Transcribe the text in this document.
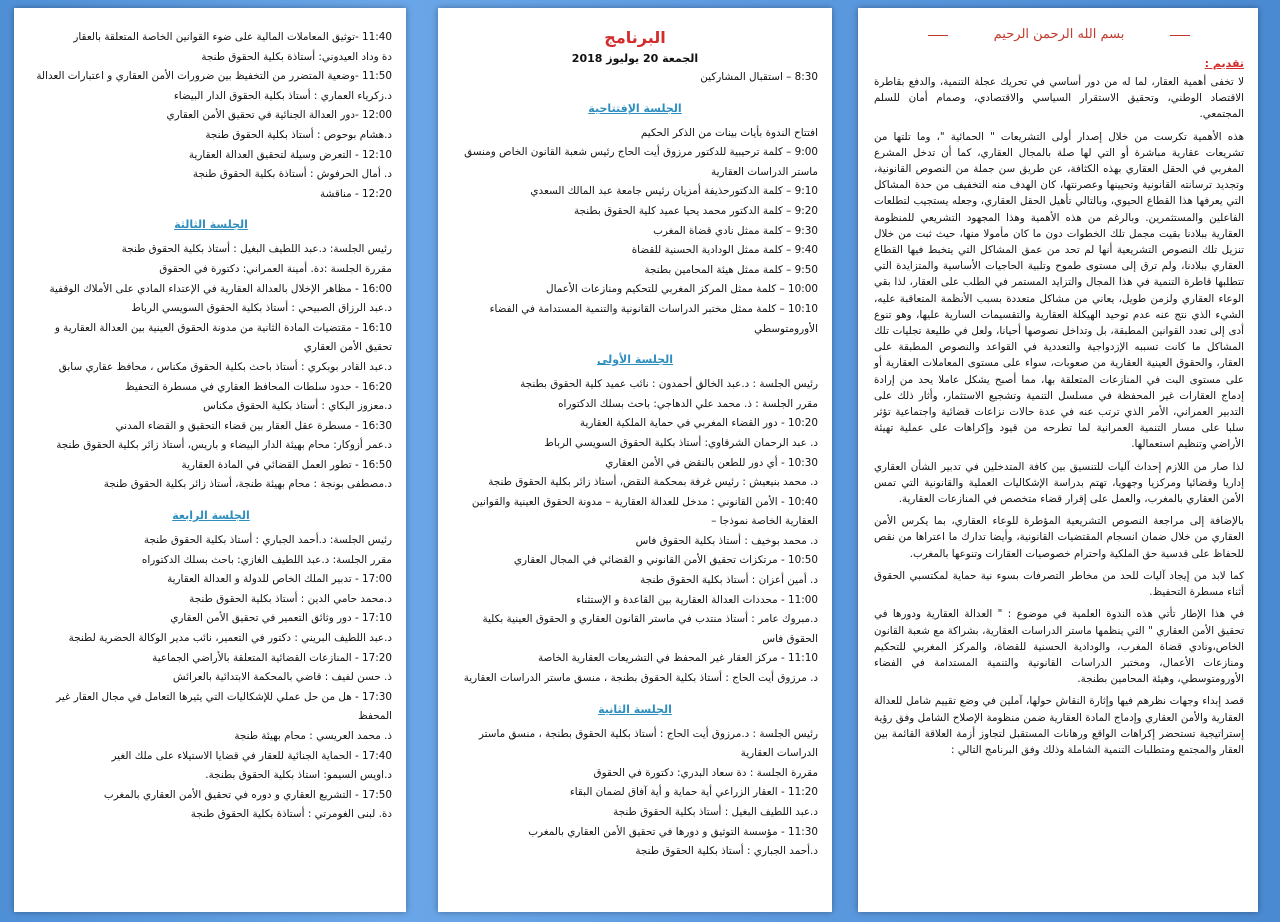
بسم الله الرحمن الرحيم
تقديم :

لا تخفى أهمية العقار، لما له من دور أساسي في تحريك عجلة التنمية، والدفع بقاطرة الاقتصاد الوطني، وتحقيق الاستقرار السياسي والاقتصادي، وصمام أمان للسلم المجتمعي.

هذه الأهمية تكرست من خلال إصدار أولى التشريعات " الحمائية "، وما تلتها من تشريعات عقارية مباشرة أو التي لها صلة بالمجال العقاري، كما أن تدخل المشرع المغربي في الحقل العقاري بهذه الكثافة، عن طريق سن جملة من النصوص القانونية، وتجديد ترسانته القانونية وتحيينها وعصرنتها، كان الهدف منه التخفيف من حدة المشاكل التي يعرفها هذا القطاع الحيوي، وبالتالي تأهيل الحقل العقاري، وجعله يستجيب لتطلعات الفاعلين والمستثمرين. وبالرغم من هذه الأهمية وهذا المجهود التشريعي للمنظومة العقارية ببلادنا بقيت مجمل تلك الخطوات دون ما كان مأمولا منها، حيث ثبت من خلال تنزيل تلك النصوص التشريعية أنها لم تحد من عمق المشاكل التي يتخبط فيها القطاع العقاري ببلادنا، ولم ترق إلى مستوى طموح وتلبية الحاجيات الأساسية والمتزايدة التي تتطلبها قاطرة التنمية في هذا المجال والتزايد المستمر في الطلب على العقار، لذا بقي الوعاء العقاري ولزمن طويل، يعاني من مشاكل متعددة بسبب الأنظمة المتعاقبة عليه، الشيء الذي نتج عنه عدم توحيد الهيكلة العقارية والتقسيمات السارية عليها، وهو تنوع أدى إلى تعدد القوانين المطبقة، بل وتداخل نصوصها أحيانا، ولعل في طليعة تجليات تلك المشاكل ما كانت تسببه الإزدواجية والتعددية في القواعد والنصوص المطبقة على العقار، والحقوق العينية العقارية من صعوبات، سواء على مستوى المعاملات العقارية أو على مستوى البت في المنازعات المتعلقة بها، مما أصبح يشكل عاملا يحد من إرادة إدماج العقارات غير المحفظة في مسلسل التنمية وتشجيع الاستثمار، وأثار ذلك على التدبير العمراني، الأمر الذي ترتب عنه في عدة حالات نزاعات قضائية واجتماعية تؤثر سلبا على مسار التنمية العمرانية لما تطرحه من قيود وإكراهات على عملية تهيئة الأراضي وتنظيم استعمالها.

لذا صار من اللازم إحداث آليات للتنسيق بين كافة المتدخلين في تدبير الشأن العقاري إداريا وقضائيا ومركزيا وجهويا، تهتم بدراسة الإشكاليات العملية والقانونية التي تمس الأمن العقاري بالمغرب، والعمل على إقرار قضاء متخصص في المنازعات العقارية.

بالإضافة إلى مراجعة النصوص التشريعية المؤطرة للوعاء العقاري، بما يكرس الأمن العقاري من خلال ضمان انسجام المقتضيات القانونية، وأيضا تدارك ما اعتراها من نقص للحفاظ على قدسية حق الملكية واحترام خصوصيات العقارات وتنوعها بالمغرب.

كما لابد من إيجاد آليات للحد من مخاطر التصرفات بسوء نية حماية لمكتسبي الحقوق أثناء مسطرة التحفيظ.

في هذا الإطار تأتي هذه الندوة العلمية في موضوع : " العدالة العقارية ودورها في تحقيق الأمن العقاري " التي ينظمها ماستر الدراسات العقارية، بشراكة مع شعبة القانون الخاص،ونادي قضاة المغرب، والودادية الحسنية للقضاة، والمركز المغربي للتحكيم ومنازعات الأعمال، ومختبر الدراسات القانونية والتنمية المستدامة في الفضاء الأورومتوسطي، وهيئة المحامين بطنجة.

قصد إبداء وجهات نظرهم فيها وإثارة النقاش حولها، آملين في وضع تقييم شامل للعدالة العقارية والأمن العقاري وإدماج المادة العقارية ضمن منظومة الإصلاح الشامل وفق رؤية إستراتيجية تستحضر إكراهات الواقع ورهانات المستقبل لتجاوز أزمة العلاقة القائمة بين العقار والمجتمع ومتطلبات التنمية الشاملة وذلك وفق البرنامج التالي :

البرنامج
الجمعة 20 يوليوز 2018
8:30 – استقبال المشاركين
الجلسة الإفتتاحية
افتتاح الندوة بأيات بينات من الذكر الحكيم
9:00 – كلمة ترحيبية للدكتور مرزوق أيت الحاج رئيس شعبة القانون الخاص ومنسق ماستر الدراسات العقارية
9:10 – كلمة الدكتورحذيفة أمزيان رئيس جامعة عبد المالك السعدي
9:20 – كلمة الدكتور محمد يحيا عميد كلية الحقوق بطنجة
9:30 – كلمة ممثل نادي قضاة المغرب
9:40 – كلمة ممثل الودادية الحسنية للقضاة
9:50 – كلمة ممثل هيئة المحامين بطنجة
10:00 – كلمة ممثل المركز المغربي للتحكيم ومنازعات الأعمال
10:10 – كلمة ممثل مختبر الدراسات القانونية والتنمية المستدامة في الفضاء الأورومتوسطي
الجلسة الأولى
رئيس الجلسة : د.عبد الخالق أحمدون : نائب عميد كلية الحقوق بطنجة
مقرر الجلسة : ذ. محمد علي الدهاجي: باحث بسلك الدكتوراه
10:20 - دور القضاء المغربي في حماية الملكية العقارية
د. عبد الرحمان الشرقاوي: أستاذ بكلية الحقوق السويسي الرباط
10:30 - أي دور للطعن بالنقض في الأمن العقاري
د. محمد بنيعيش : رئيس غرفة بمحكمة النقض، أستاذ زائر بكلية الحقوق طنجة
10:40 - الأمن القانوني : مدخل للعدالة العقارية – مدونة الحقوق العينية والقوانين العقارية الخاصة نموذجا –
د. محمد بوخيف : أستاذ بكلية الحقوق فاس
10:50 - مرتكزات تحقيق الأمن القانوني و القضائي في المجال العقاري
د. أمين أعزان : أستاذ بكلية الحقوق طنجة
11:00 - محددات العدالة العقارية بين القاعدة و الإستثناء
د.مبروك عامر : أستاذ منتدب في ماستر القانون العقاري و الحقوق العينية بكلية الحقوق فاس
11:10 - مركز العقار غير المحفظ في التشريعات العقارية الخاصة
د. مرزوق أيت الحاج : أستاذ بكلية الحقوق بطنجة ، منسق ماستر الدراسات العقارية
الجلسة الثانية
رئيس الجلسة : د.مرزوق أيت الحاج : أستاذ بكلية الحقوق بطنجة ، منسق ماستر الدراسات العقارية
مقررة الجلسة : دة سعاد البدري: دكتورة في الحقوق
11:20 - العقار الزراعي أية حماية و أية آفاق لضمان البقاء
د.عبد اللطيف البغيل : أستاذ بكلية الحقوق طنجة
11:30 - مؤسسة التوثيق و دورها في تحقيق الأمن العقاري بالمغرب
د.أحمد الجباري : أستاذ بكلية الحقوق طنجة
11:40 -توثيق المعاملات المالية على ضوء القوانين الخاصة المتعلقة بالعقار
دة وداد العيدوني: أستاذة بكلية الحقوق طنجة
11:50 -وضعية المتضرر من التخفيظ بين ضرورات الأمن العقاري و اعتبارات العدالة
د.زكرياء العماري : أستاذ بكلية الحقوق الدار البيضاء
12:00 -دور العدالة الجنائية في تحقيق الأمن العقاري
د.هشام بوحوص : أستاذ بكلية الحقوق طنجة
12:10 - التعرض وسيلة لتحقيق العدالة العقارية
د. أمال الحرفوش : أستاذة بكلية الحقوق طنجة
12:20 - مناقشة
الجلسة الثالثة
رئيس الجلسة: د.عبد اللطيف البغيل : أستاذ بكلية الحقوق طنجة
مقررة الجلسة :دة. أمينة العمراني: دكتورة في الحقوق
16:00 - مظاهر الإخلال بالعدالة العقارية في الإعتداء المادي على الأملاك الوقفية
د.عبد الرزاق الصبيحي : أستاذ بكلية الحقوق السويسي الرباط
16:10 - مقتضيات المادة الثانية من مدونة الحقوق العينية بين العدالة العقارية و تحقيق الأمن العقاري
د.عبد القادر بوبكري : أستاذ باحث بكلية الحقوق مكناس ، محافظ عقاري سابق
16:20 - حدود سلطات المحافظ العقاري في مسطرة التحفيظ
د.معزوز البكاي : أستاذ بكلية الحقوق مكناس
16:30 - مسطرة عقل العقار بين قضاء التحقيق و القضاء المدني
د.عمر أزوكار: محام بهيئة الدار البيضاء و باريس، أستاذ زائر بكلية الحقوق طنجة
16:50 - تطور العمل القضائي في المادة العقارية
د.مصطفى بونجة : محام بهيئة طنجة، أستاذ زائر بكلية الحقوق طنجة
الجلسة الرابعة
رئيس الجلسة: د.أحمد الجباري : أستاذ بكلية الحقوق طنجة
مقرر الجلسة: د.عبد اللطيف الغازي: باحث بسلك الدكتوراه
17:00 - تدبير الملك الخاص للدولة و العدالة العقارية
د.محمد حامي الدين : أستاذ بكلية الحقوق طنجة
17:10 - دور وثائق التعمير في تحقيق الأمن العقاري
د.عبد اللطيف البريني : دكتور في التعمير، نائب مدير الوكالة الحضرية لطنجة
17:20 - المنازعات القضائية المتعلقة بالأراضي الجماعية
ذ. حسن لفيف : قاضي بالمحكمة الابتدائية بالعرائش
17:30 - هل من حل عملي للإشكاليات التي يثيرها التعامل في مجال العقار غير المحفظ
ذ. محمد العريسي : محام بهيئة طنجة
17:40 - الحماية الجنائية للعقار في قضايا الاستيلاء على ملك الغير
د.اويس السيمو: استاذ بكلية الحقوق بطنجة.
17:50 - التشريع العقاري و دوره في تحقيق الأمن العقاري بالمغرب
دة. لبنى الغومرتي : أستاذة بكلية الحقوق طنجة
